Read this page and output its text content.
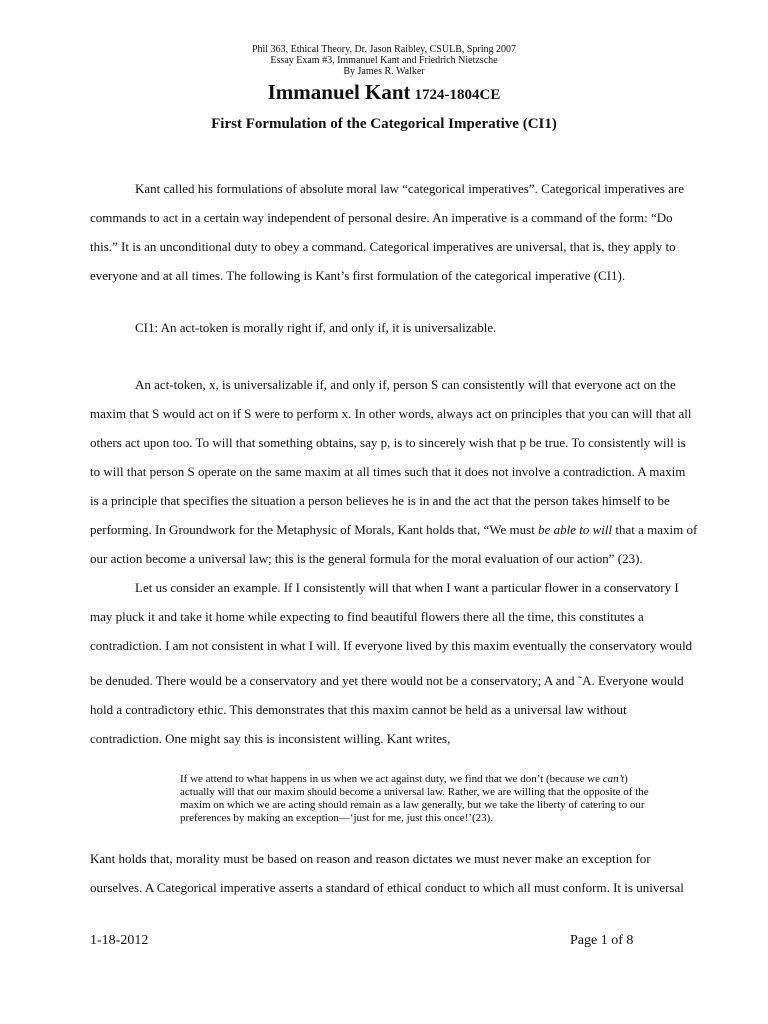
Phil 363, Ethical Theory, Dr. Jason Raibley, CSULB, Spring 2007
Essay Exam #3, Immanuel Kant and Friedrich Nietzsche
By James R. Walker
Immanuel Kant 1724-1804CE
First Formulation of the Categorical Imperative (CI1)
Kant called his formulations of absolute moral law “categorical imperatives”. Categorical imperatives are
commands to act in a certain way independent of personal desire. An imperative is a command of the form: “Do
this.” It is an unconditional duty to obey a command. Categorical imperatives are universal, that is, they apply to
everyone and at all times. The following is Kant’s first formulation of the categorical imperative (CI1).
CI1: An act-token is morally right if, and only if, it is universalizable.
An act-token, x, is universalizable if, and only if, person S can consistently will that everyone act on the
maxim that S would act on if S were to perform x. In other words, always act on principles that you can will that all
others act upon too. To will that something obtains, say p, is to sincerely wish that p be true. To consistently will is
to will that person S operate on the same maxim at all times such that it does not involve a contradiction. A maxim
is a principle that specifies the situation a person believes he is in and the act that the person takes himself to be
performing. In Groundwork for the Metaphysic of Morals, Kant holds that, “We must be able to will that a maxim of
our action become a universal law; this is the general formula for the moral evaluation of our action” (23).
Let us consider an example. If I consistently will that when I want a particular flower in a conservatory I
may pluck it and take it home while expecting to find beautiful flowers there all the time, this constitutes a
contradiction. I am not consistent in what I will. If everyone lived by this maxim eventually the conservatory would
be denuded. There would be a conservatory and yet there would not be a conservatory; A and ˜A. Everyone would
hold a contradictory ethic. This demonstrates that this maxim cannot be held as a universal law without
contradiction. One might say this is inconsistent willing. Kant writes,
If we attend to what happens in us when we act against duty, we find that we don’t (because we can’t)
actually will that our maxim should become a universal law. Rather, we are willing that the opposite of the
maxim on which we are acting should remain as a law generally, but we take the liberty of catering to our
preferences by making an exception—‘just for me, just this once!’(23).
Kant holds that, morality must be based on reason and reason dictates we must never make an exception for
ourselves. A Categorical imperative asserts a standard of ethical conduct to which all must conform. It is universal
1-18-2012	Page 1 of 8
